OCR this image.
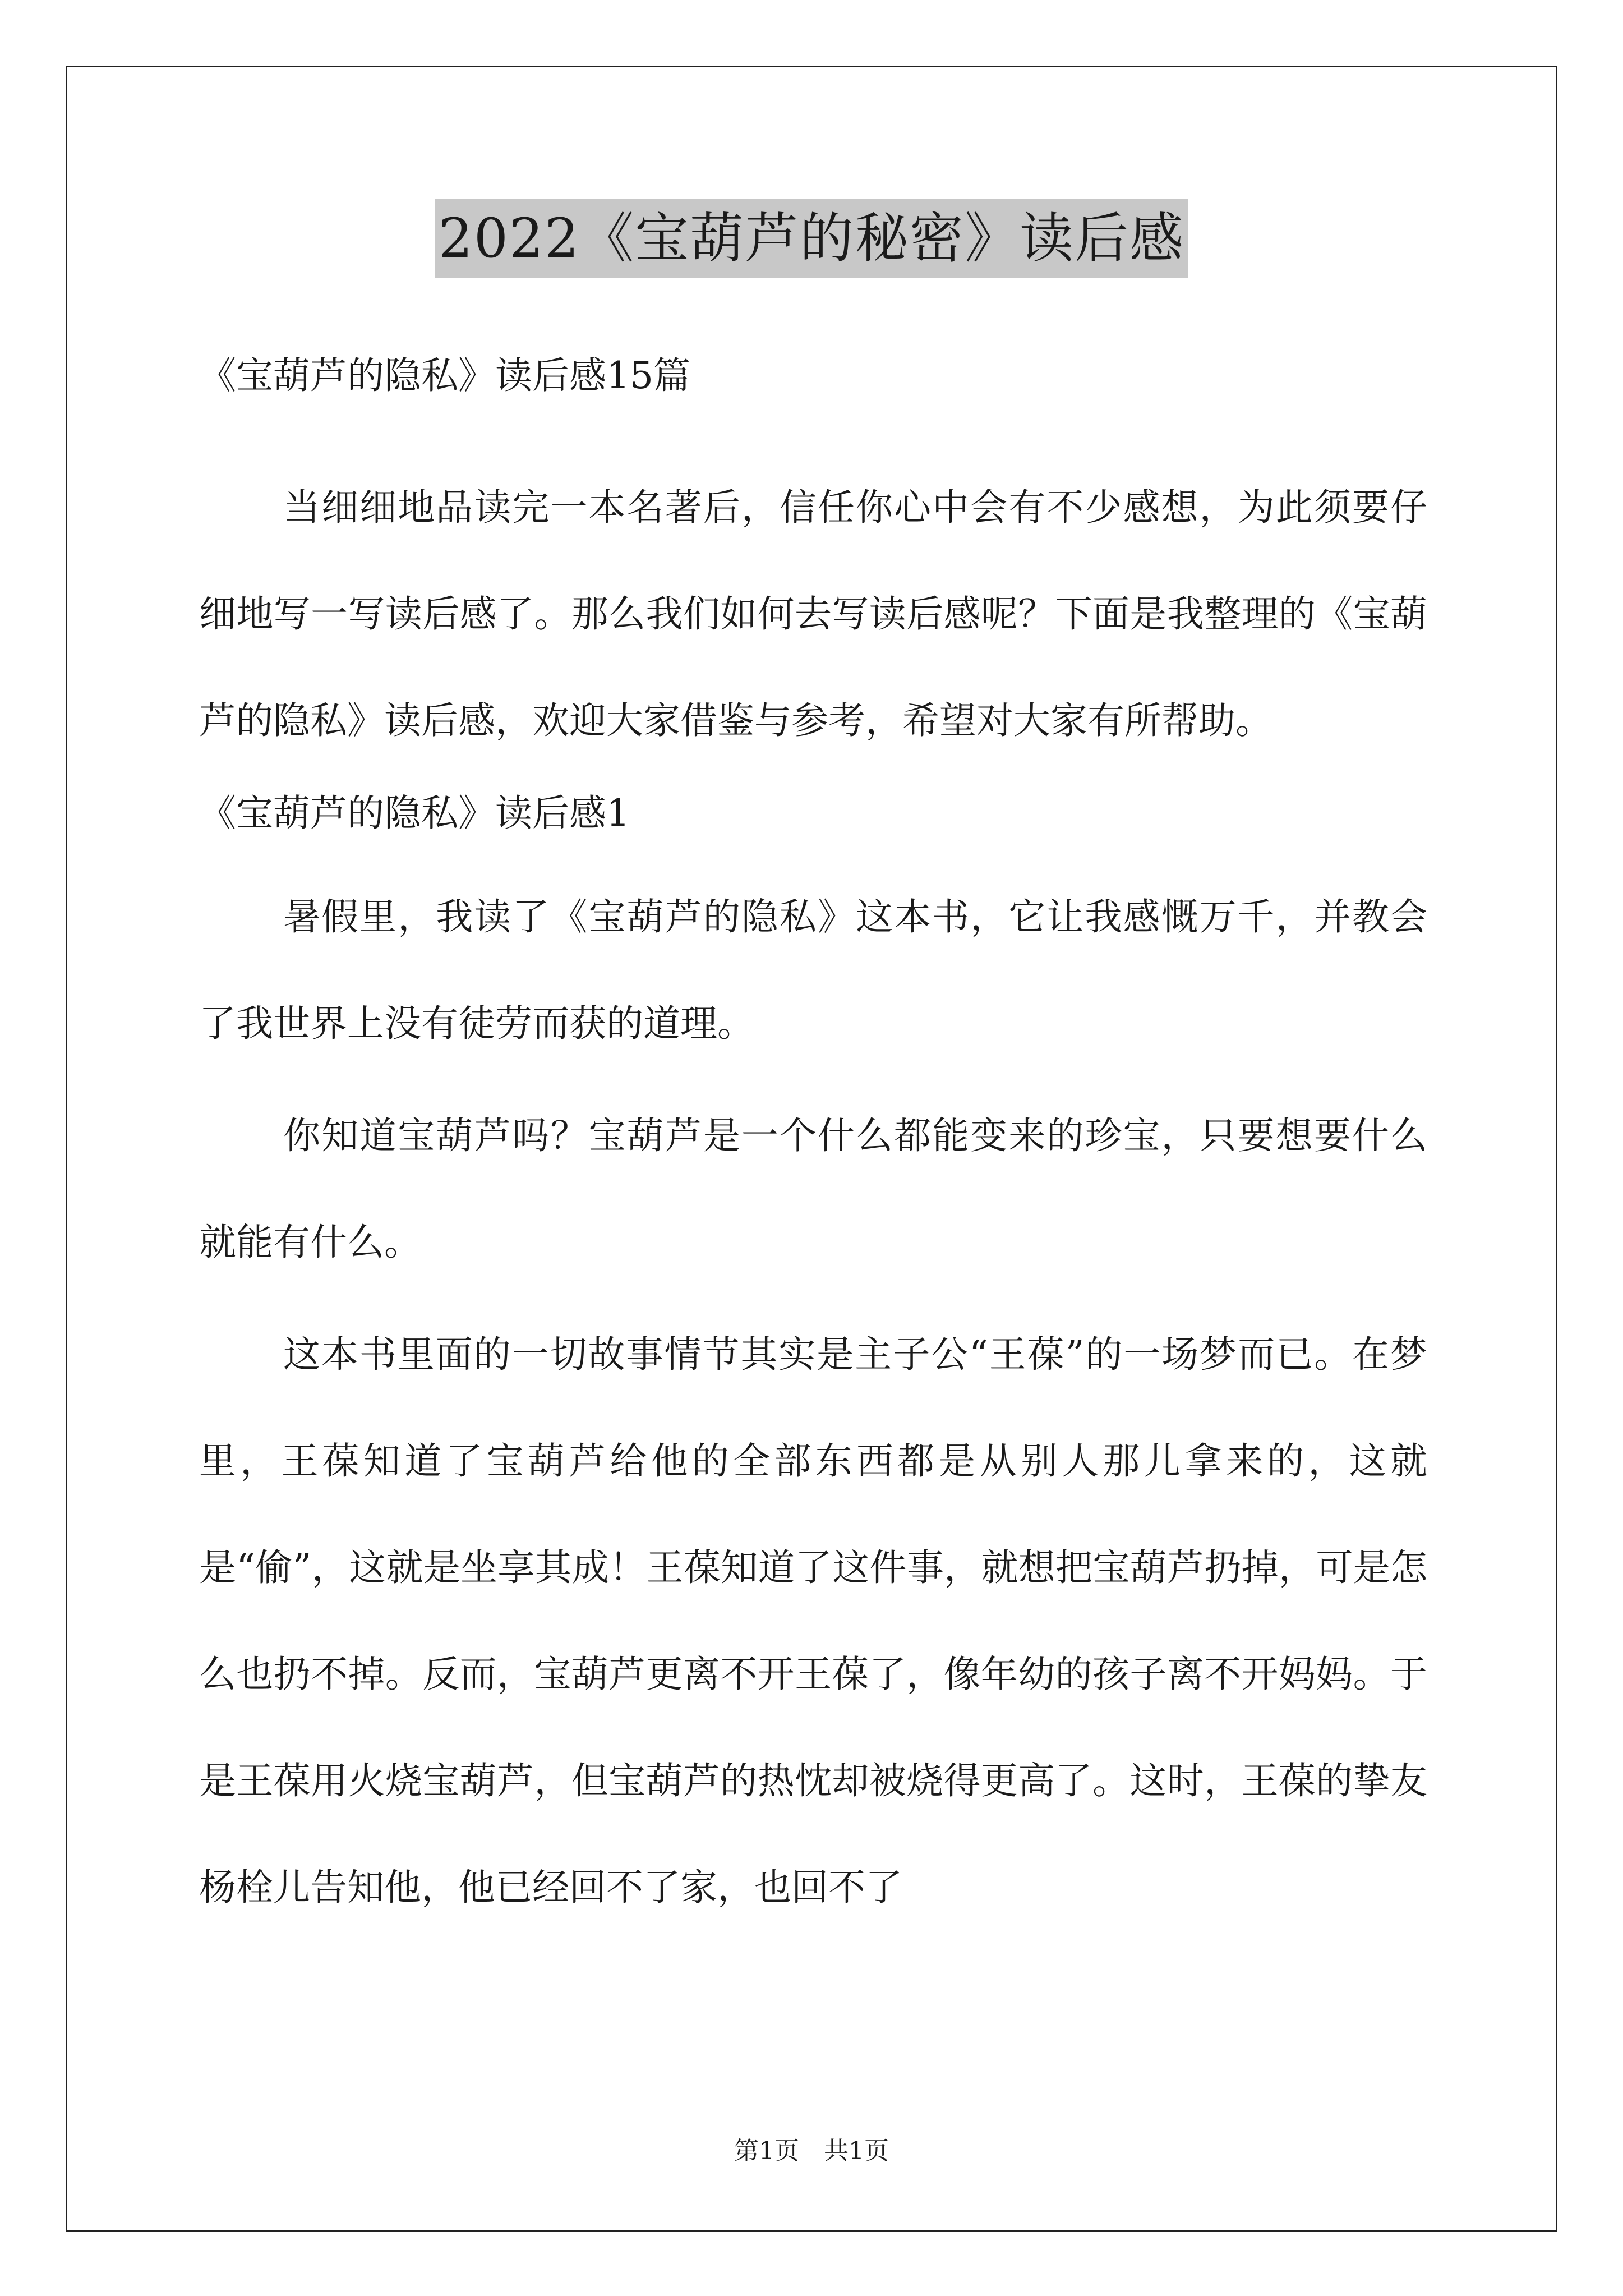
2022《宝葫芦的秘密》读后感

《宝葫芦的隐私》读后感15篇

当细细地品读完一本名著后，信任你心中会有不少感想，为此须要仔细地写一写读后感了。那么我们如何去写读后感呢？下面是我整理的《宝葫芦的隐私》读后感，欢迎大家借鉴与参考，希望对大家有所帮助。

《宝葫芦的隐私》读后感1

暑假里，我读了《宝葫芦的隐私》这本书，它让我感慨万千，并教会了我世界上没有徒劳而获的道理。

你知道宝葫芦吗？宝葫芦是一个什么都能变来的珍宝，只要想要什么就能有什么。

这本书里面的一切故事情节其实是主子公“王葆”的一场梦而已。在梦里，王葆知道了宝葫芦给他的全部东西都是从别人那儿拿来的，这就是“偷”，这就是坐享其成！王葆知道了这件事，就想把宝葫芦扔掉，可是怎么也扔不掉。反而，宝葫芦更离不开王葆了，像年幼的孩子离不开妈妈。于是王葆用火烧宝葫芦，但宝葫芦的热忱却被烧得更高了。这时，王葆的挚友杨栓儿告知他，他已经回不了家，也回不了

第1页　共1页
